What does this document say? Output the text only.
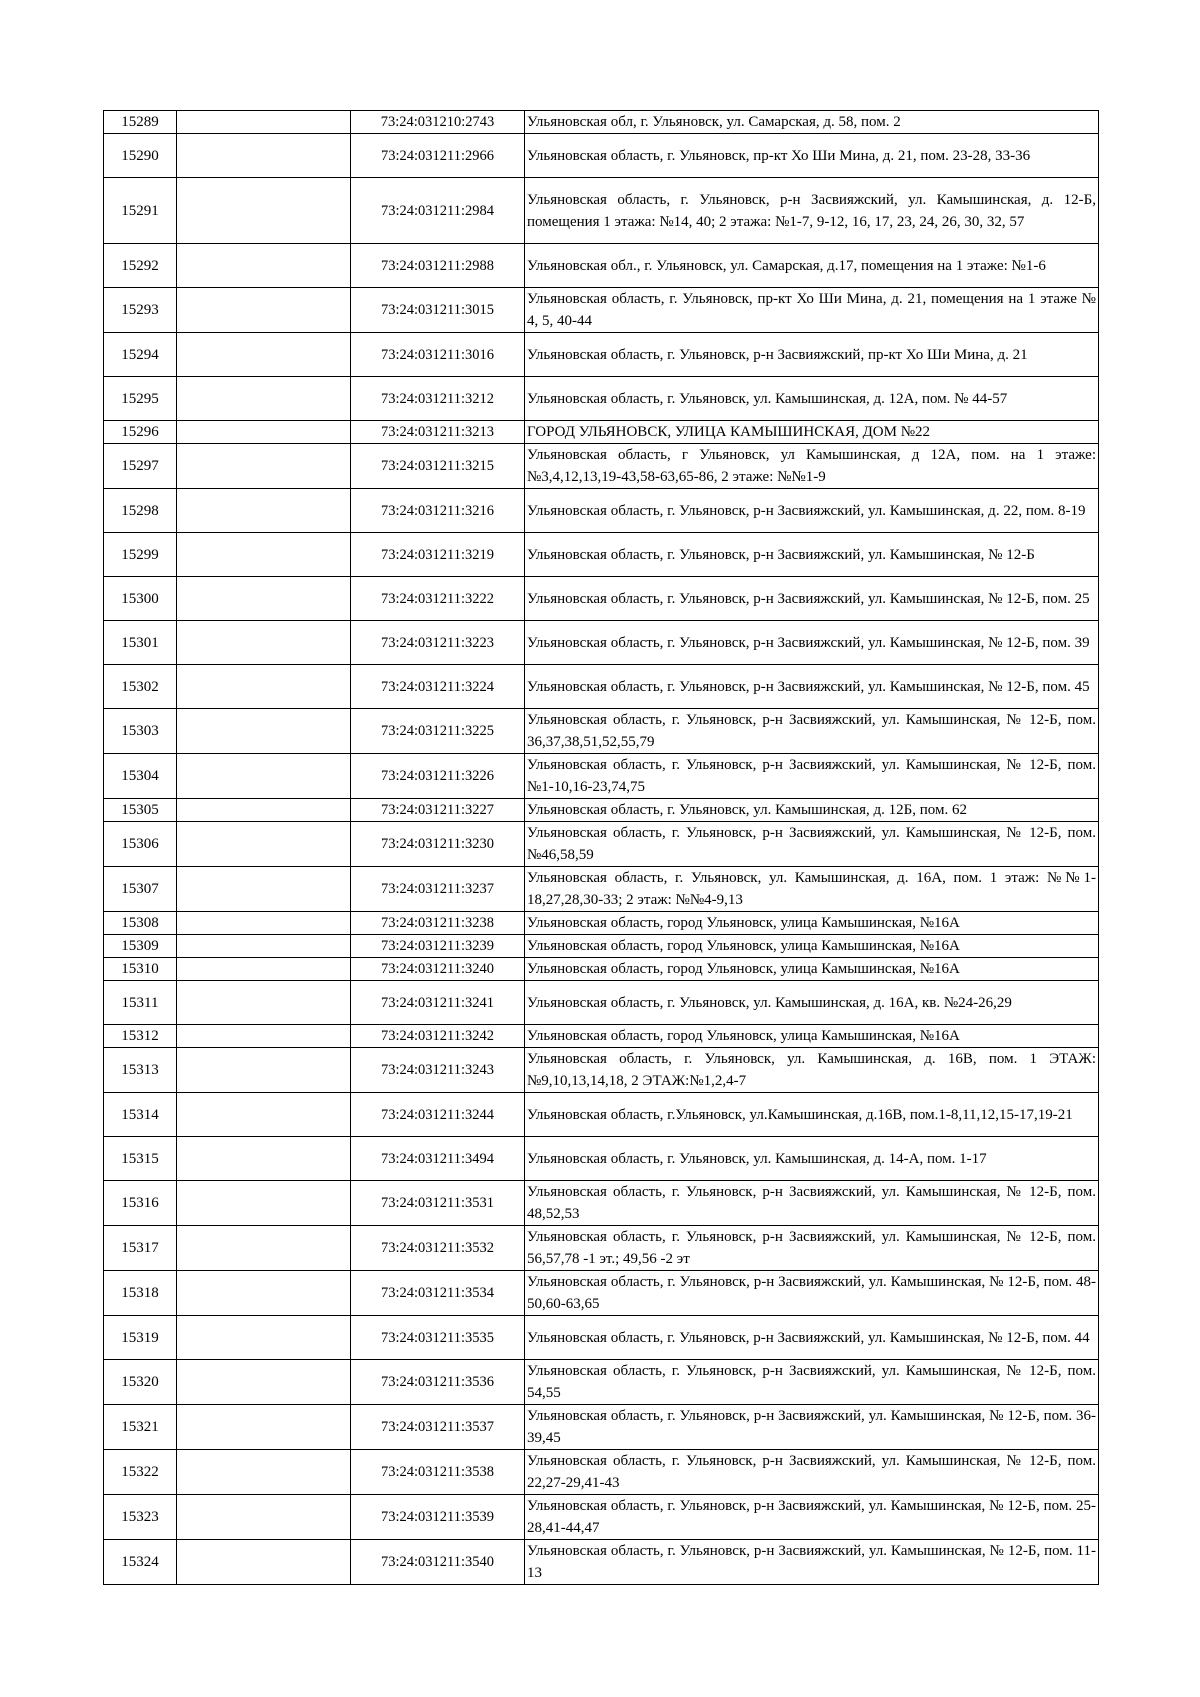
15289		73:24:031210:2743	Ульяновская обл, г. Ульяновск, ул. Самарская, д. 58, пом. 2

15290		73:24:031211:2966	Ульяновская область, г. Ульяновск, пр-кт Хо Ши Мина, д. 21, пом. 23-28, 33-36

15291		73:24:031211:2984	Ульяновская область, г. Ульяновск, р-н Засвияжский, ул. Камышинская, д. 12-Б, помещения 1 этажа: №14, 40; 2 этажа: №1-7, 9-12, 16, 17, 23, 24, 26, 30, 32, 57

15292		73:24:031211:2988	Ульяновская обл., г. Ульяновск, ул. Самарская, д.17, помещения на 1 этаже: №1-6

15293		73:24:031211:3015	Ульяновская область, г. Ульяновск, пр-кт Хо Ши Мина, д. 21, помещения на 1 этаже № 4, 5, 40-44

15294		73:24:031211:3016	Ульяновская область, г. Ульяновск, р-н Засвияжский, пр-кт Хо Ши Мина, д. 21

15295		73:24:031211:3212	Ульяновская область, г. Ульяновск, ул. Камышинская, д. 12А, пом. № 44-57

15296		73:24:031211:3213	ГОРОД УЛЬЯНОВСК, УЛИЦА КАМЫШИНСКАЯ, ДОМ №22

15297		73:24:031211:3215	Ульяновская область, г Ульяновск, ул Камышинская, д 12А, пом. на 1 этаже: №3,4,12,13,19-43,58-63,65-86, 2 этаже: №№1-9

15298		73:24:031211:3216	Ульяновская область, г. Ульяновск, р-н Засвияжский, ул. Камышинская, д. 22, пом. 8-19

15299		73:24:031211:3219	Ульяновская область, г. Ульяновск, р-н Засвияжский, ул. Камышинская, № 12-Б

15300		73:24:031211:3222	Ульяновская область, г. Ульяновск, р-н Засвияжский, ул. Камышинская, № 12-Б, пом. 25

15301		73:24:031211:3223	Ульяновская область, г. Ульяновск, р-н Засвияжский, ул. Камышинская, № 12-Б, пом. 39

15302		73:24:031211:3224	Ульяновская область, г. Ульяновск, р-н Засвияжский, ул. Камышинская, № 12-Б, пом. 45

15303		73:24:031211:3225	Ульяновская область, г. Ульяновск, р-н Засвияжский, ул. Камышинская, № 12-Б, пом. 36,37,38,51,52,55,79

15304		73:24:031211:3226	Ульяновская область, г. Ульяновск, р-н Засвияжский, ул. Камышинская, № 12-Б, пом. №1-10,16-23,74,75

15305		73:24:031211:3227	Ульяновская область, г. Ульяновск, ул. Камышинская, д. 12Б, пом. 62

15306		73:24:031211:3230	Ульяновская область, г. Ульяновск, р-н Засвияжский, ул. Камышинская, № 12-Б, пом. №46,58,59

15307		73:24:031211:3237	Ульяновская область, г. Ульяновск, ул. Камышинская, д. 16А, пом. 1 этаж: №№1-18,27,28,30-33; 2 этаж: №№4-9,13

15308		73:24:031211:3238	Ульяновская область, город Ульяновск, улица Камышинская, №16А

15309		73:24:031211:3239	Ульяновская область, город Ульяновск, улица Камышинская, №16А

15310		73:24:031211:3240	Ульяновская область, город Ульяновск, улица Камышинская, №16А

15311		73:24:031211:3241	Ульяновская область, г. Ульяновск, ул. Камышинская, д. 16А, кв. №24-26,29

15312		73:24:031211:3242	Ульяновская область, город Ульяновск, улица Камышинская, №16А

15313		73:24:031211:3243	Ульяновская область, г. Ульяновск, ул. Камышинская, д. 16В, пом. 1 ЭТАЖ:№9,10,13,14,18, 2 ЭТАЖ:№1,2,4-7

15314		73:24:031211:3244	Ульяновская область, г.Ульяновск, ул.Камышинская, д.16В, пом.1-8,11,12,15-17,19-21

15315		73:24:031211:3494	Ульяновская область, г. Ульяновск, ул. Камышинская, д. 14-А, пом. 1-17

15316		73:24:031211:3531	Ульяновская область, г. Ульяновск, р-н Засвияжский, ул. Камышинская, № 12-Б, пом. 48,52,53

15317		73:24:031211:3532	Ульяновская область, г. Ульяновск, р-н Засвияжский, ул. Камышинская, № 12-Б, пом. 56,57,78 -1 эт.; 49,56 -2 эт

15318		73:24:031211:3534	Ульяновская область, г. Ульяновск, р-н Засвияжский, ул. Камышинская, № 12-Б, пом. 48-50,60-63,65

15319		73:24:031211:3535	Ульяновская область, г. Ульяновск, р-н Засвияжский, ул. Камышинская, № 12-Б, пом. 44

15320		73:24:031211:3536	Ульяновская область, г. Ульяновск, р-н Засвияжский, ул. Камышинская, № 12-Б, пом. 54,55

15321		73:24:031211:3537	Ульяновская область, г. Ульяновск, р-н Засвияжский, ул. Камышинская, № 12-Б, пом. 36-39,45

15322		73:24:031211:3538	Ульяновская область, г. Ульяновск, р-н Засвияжский, ул. Камышинская, № 12-Б, пом. 22,27-29,41-43

15323		73:24:031211:3539	Ульяновская область, г. Ульяновск, р-н Засвияжский, ул. Камышинская, № 12-Б, пом. 25-28,41-44,47

15324		73:24:031211:3540	Ульяновская область, г. Ульяновск, р-н Засвияжский, ул. Камышинская, № 12-Б, пом. 11-13
